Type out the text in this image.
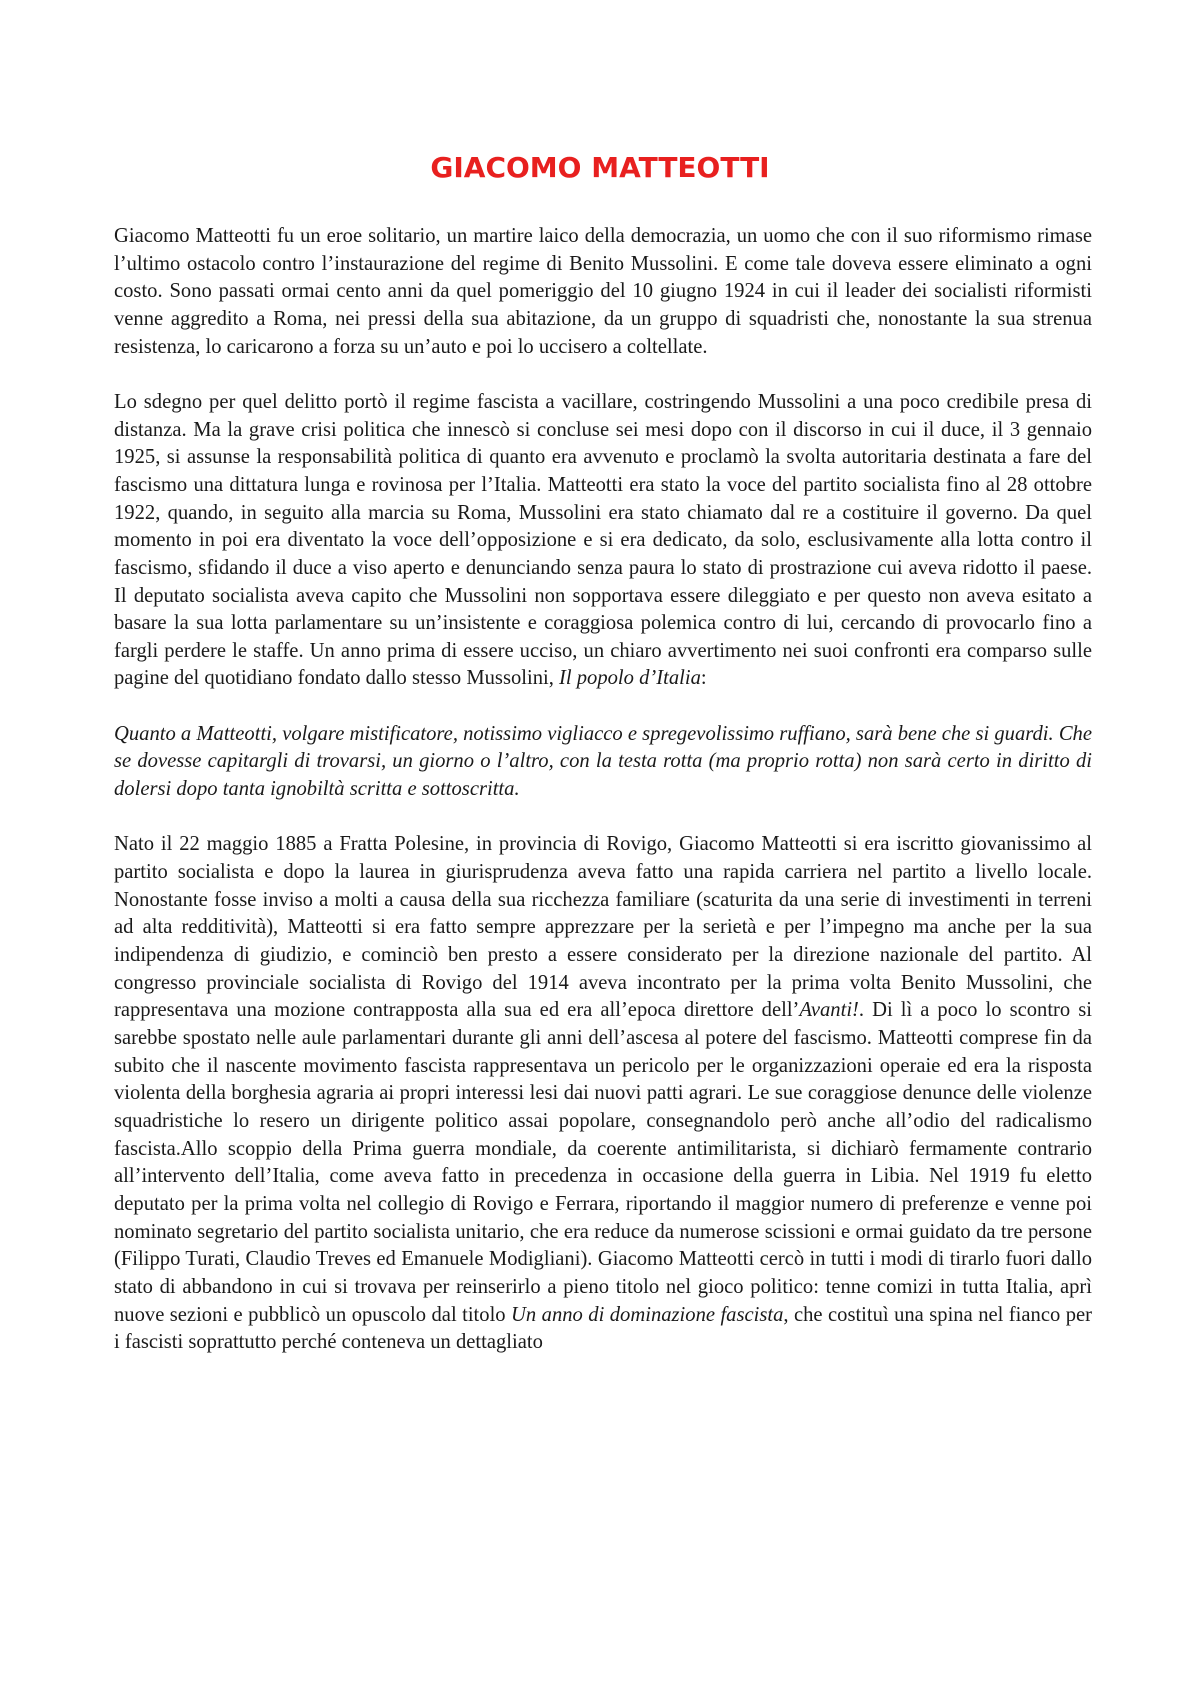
GIACOMO MATTEOTTI

Giacomo Matteotti fu un eroe solitario, un martire laico della democrazia, un uomo che con il suo riformismo rimase l’ultimo ostacolo contro l’instaurazione del regime di Benito Mussolini. E come tale doveva essere eliminato a ogni costo. Sono passati ormai cento anni da quel pomeriggio del 10 giugno 1924 in cui il leader dei socialisti riformisti venne aggredito a Roma, nei pressi della sua abitazione, da un gruppo di squadristi che, nonostante la sua strenua resistenza, lo caricarono a forza su un’auto e poi lo uccisero a coltellate.

Lo sdegno per quel delitto portò il regime fascista a vacillare, costringendo Mussolini a una poco credibile presa di distanza. Ma la grave crisi politica che innescò si concluse sei mesi dopo con il discorso in cui il duce, il 3 gennaio 1925, si assunse la responsabilità politica di quanto era avvenuto e proclamò la svolta autoritaria destinata a fare del fascismo una dittatura lunga e rovinosa per l’Italia. Matteotti era stato la voce del partito socialista fino al 28 ottobre 1922, quando, in seguito alla marcia su Roma, Mussolini era stato chiamato dal re a costituire il governo. Da quel momento in poi era diventato la voce dell’opposizione e si era dedicato, da solo, esclusivamente alla lotta contro il fascismo, sfidando il duce a viso aperto e denunciando senza paura lo stato di prostrazione cui aveva ridotto il paese. Il deputato socialista aveva capito che Mussolini non sopportava essere dileggiato e per questo non aveva esitato a basare la sua lotta parlamentare su un’insistente e coraggiosa polemica contro di lui, cercando di provocarlo fino a fargli perdere le staffe. Un anno prima di essere ucciso, un chiaro avvertimento nei suoi confronti era comparso sulle pagine del quotidiano fondato dallo stesso Mussolini, Il popolo d’Italia:

Quanto a Matteotti, volgare mistificatore, notissimo vigliacco e spregevolissimo ruffiano, sarà bene che si guardi. Che se dovesse capitargli di trovarsi, un giorno o l’altro, con la testa rotta (ma proprio rotta) non sarà certo in diritto di dolersi dopo tanta ignobiltà scritta e sottoscritta.

Nato il 22 maggio 1885 a Fratta Polesine, in provincia di Rovigo, Giacomo Matteotti si era iscritto giovanissimo al partito socialista e dopo la laurea in giurisprudenza aveva fatto una rapida carriera nel partito a livello locale. Nonostante fosse inviso a molti a causa della sua ricchezza familiare (scaturita da una serie di investimenti in terreni ad alta redditività), Matteotti si era fatto sempre apprezzare per la serietà e per l’impegno ma anche per la sua indipendenza di giudizio, e cominciò ben presto a essere considerato per la direzione nazionale del partito. Al congresso provinciale socialista di Rovigo del 1914 aveva incontrato per la prima volta Benito Mussolini, che rappresentava una mozione contrapposta alla sua ed era all’epoca direttore dell’Avanti!. Di lì a poco lo scontro si sarebbe spostato nelle aule parlamentari durante gli anni dell’ascesa al potere del fascismo. Matteotti comprese fin da subito che il nascente movimento fascista rappresentava un pericolo per le organizzazioni operaie ed era la risposta violenta della borghesia agraria ai propri interessi lesi dai nuovi patti agrari. Le sue coraggiose denunce delle violenze squadristiche lo resero un dirigente politico assai popolare, consegnandolo però anche all’odio del radicalismo fascista.Allo scoppio della Prima guerra mondiale, da coerente antimilitarista, si dichiarò fermamente contrario all’intervento dell’Italia, come aveva fatto in precedenza in occasione della guerra in Libia. Nel 1919 fu eletto deputato per la prima volta nel collegio di Rovigo e Ferrara, riportando il maggior numero di preferenze e venne poi nominato segretario del partito socialista unitario, che era reduce da numerose scissioni e ormai guidato da tre persone (Filippo Turati, Claudio Treves ed Emanuele Modigliani). Giacomo Matteotti cercò in tutti i modi di tirarlo fuori dallo stato di abbandono in cui si trovava per reinserirlo a pieno titolo nel gioco politico: tenne comizi in tutta Italia, aprì nuove sezioni e pubblicò un opuscolo dal titolo Un anno di dominazione fascista, che costituì una spina nel fianco per i fascisti soprattutto perché conteneva un dettagliato
